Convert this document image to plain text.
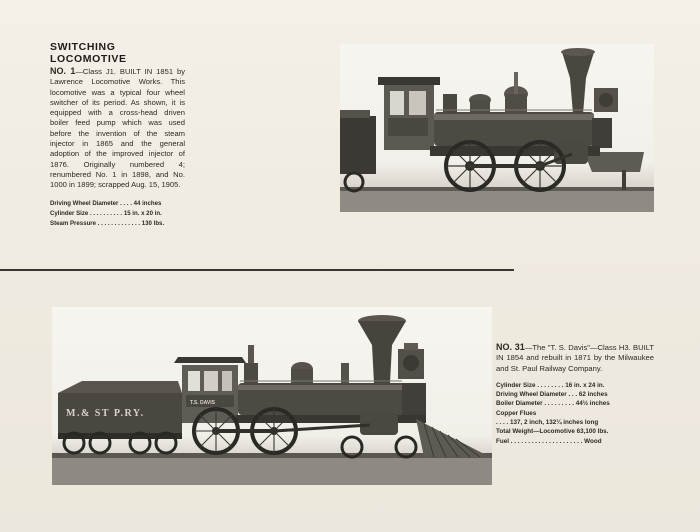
SWITCHING LOCOMOTIVE

NO. 1—Class J1. BUILT IN 1851 by Lawrence Locomotive Works. This locomotive was a typical four wheel switcher of its period. As shown, it is equipped with a cross-head driven boiler feed pump which was used before the invention of the steam injector in 1865 and the general adoption of the improved injector of 1876. Originally numbered 4; renumbered No. 1 in 1898, and No. 1000 in 1899; scrapped Aug. 15, 1905.

Driving Wheel Diameter . . . . 44 inches
Cylinder Size . . . . . . . . . . 15 in. x 20 in.
Steam Pressure . . . . . . . . . . . . . 130 lbs.
M.& ST P.RY.
T.S. DAVIS

NO. 31—The "T. S. Davis"—Class H3. BUILT IN 1854 and rebuilt in 1871 by the Milwaukee and St. Paul Railway Company.

Cylinder Size . . . . . . . . 16 in. x 24 in.
Driving Wheel Diameter . . . 62 inches
Boiler Diameter . . . . . . . . . 44½ inches
Copper Flues
. . . . 137, 2 inch, 132¼ inches long
Total Weight—Locomotive 63,100 lbs.
Fuel . . . . . . . . . . . . . . . . . . . . . Wood
